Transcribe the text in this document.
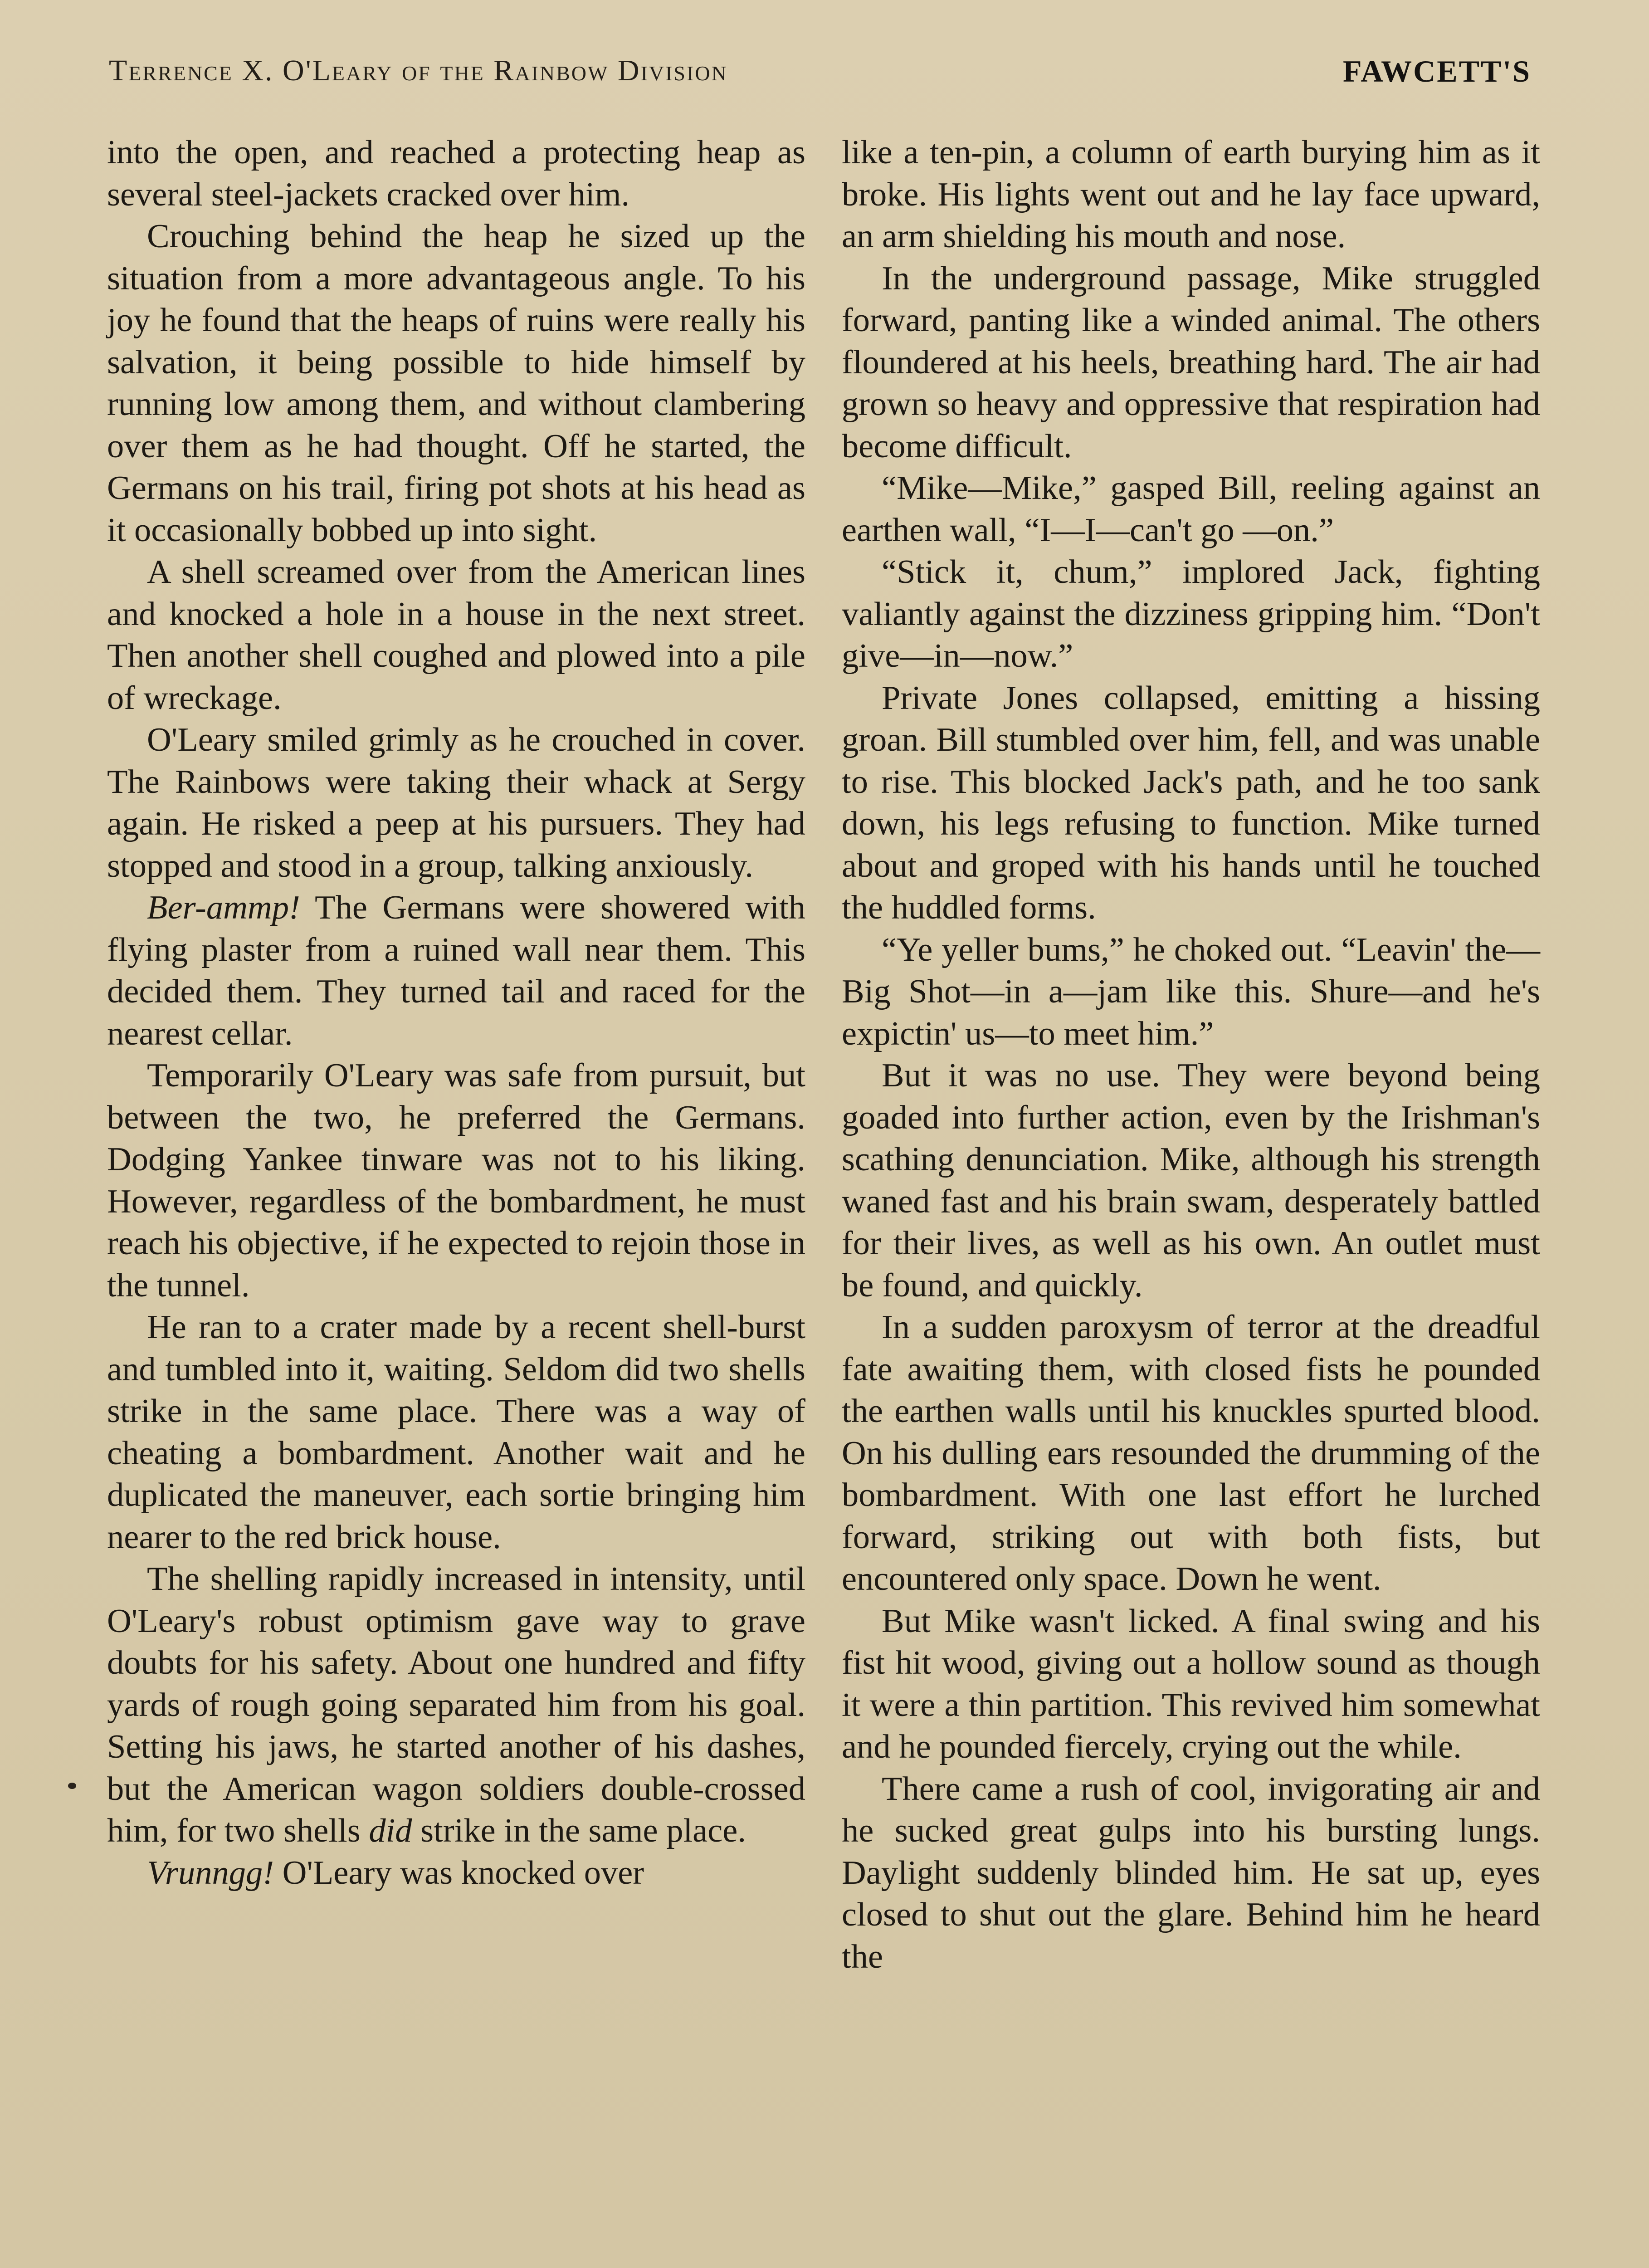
Terrence X. O'Leary of the Rainbow Division	FAWCETT'S

into the open, and reached a protecting heap as several steel-jackets cracked over him.

Crouching behind the heap he sized up the situation from a more advantageous angle. To his joy he found that the heaps of ruins were really his salvation, it being possible to hide himself by running low among them, and without clambering over them as he had thought. Off he started, the Germans on his trail, firing pot shots at his head as it occasionally bobbed up into sight.

A shell screamed over from the American lines and knocked a hole in a house in the next street. Then another shell coughed and plowed into a pile of wreckage.

O'Leary smiled grimly as he crouched in cover. The Rainbows were taking their whack at Sergy again. He risked a peep at his pursuers. They had stopped and stood in a group, talking anxiously.

Ber-ammp! The Germans were showered with flying plaster from a ruined wall near them. This decided them. They turned tail and raced for the nearest cellar.

Temporarily O'Leary was safe from pursuit, but between the two, he preferred the Germans. Dodging Yankee tinware was not to his liking. However, regardless of the bombardment, he must reach his objective, if he expected to rejoin those in the tunnel.

He ran to a crater made by a recent shell-burst and tumbled into it, waiting. Seldom did two shells strike in the same place. There was a way of cheating a bombardment. Another wait and he duplicated the maneuver, each sortie bringing him nearer to the red brick house.

The shelling rapidly increased in intensity, until O'Leary's robust optimism gave way to grave doubts for his safety. About one hundred and fifty yards of rough going separated him from his goal. Setting his jaws, he started another of his dashes, but the American wagon soldiers double-crossed him, for two shells did strike in the same place.

Vrunngg! O'Leary was knocked over

like a ten-pin, a column of earth burying him as it broke. His lights went out and he lay face upward, an arm shielding his mouth and nose.

In the underground passage, Mike struggled forward, panting like a winded animal. The others floundered at his heels, breathing hard. The air had grown so heavy and oppressive that respiration had become difficult.

“Mike—Mike,” gasped Bill, reeling against an earthen wall, “I—I—can't go —on.”

“Stick it, chum,” implored Jack, fighting valiantly against the dizziness gripping him. “Don't give—in—now.”

Private Jones collapsed, emitting a hissing groan. Bill stumbled over him, fell, and was unable to rise. This blocked Jack's path, and he too sank down, his legs refusing to function. Mike turned about and groped with his hands until he touched the huddled forms.

“Ye yeller bums,” he choked out. “Leavin' the—Big Shot—in a—jam like this. Shure—and he's expictin' us—to meet him.”

But it was no use. They were beyond being goaded into further action, even by the Irishman's scathing denunciation. Mike, although his strength waned fast and his brain swam, desperately battled for their lives, as well as his own. An outlet must be found, and quickly.

In a sudden paroxysm of terror at the dreadful fate awaiting them, with closed fists he pounded the earthen walls until his knuckles spurted blood. On his dulling ears resounded the drumming of the bombardment. With one last effort he lurched forward, striking out with both fists, but encountered only space. Down he went.

But Mike wasn't licked. A final swing and his fist hit wood, giving out a hollow sound as though it were a thin partition. This revived him somewhat and he pounded fiercely, crying out the while.

There came a rush of cool, invigorating air and he sucked great gulps into his bursting lungs. Daylight suddenly blinded him. He sat up, eyes closed to shut out the glare. Behind him he heard the
